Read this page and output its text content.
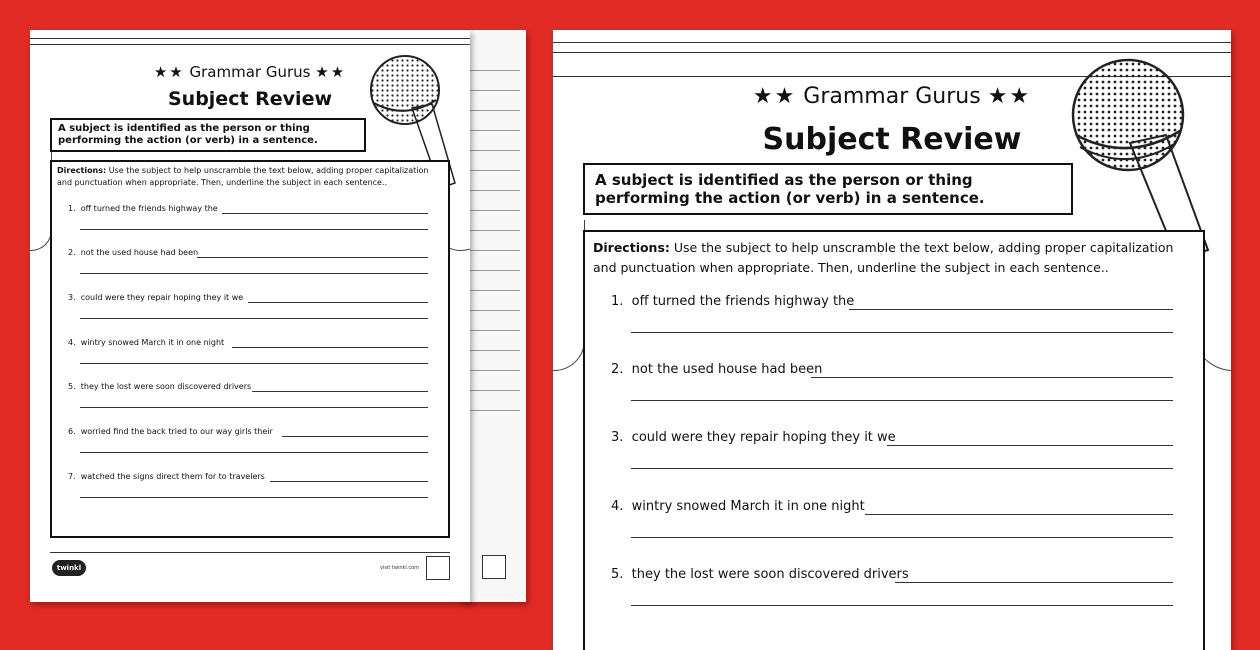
★★ Grammar Gurus ★★
Subject Review
A subject is identified as the person or thing performing the action (or verb) in a sentence.
Directions: Use the subject to help unscramble the text below, adding proper capitalization and punctuation when appropriate. Then, underline the subject in each sentence..
1. off turned the friends highway the
2. not the used house had been
3. could were they repair hoping they it we
4. wintry snowed March it in one night
5. they the lost were soon discovered drivers
6. worried find the back tried to our way girls their
7. watched the signs direct them for to travelers
twinkl	visit twinkl.com
★★ Grammar Gurus ★★
Subject Review
A subject is identified as the person or thing performing the action (or verb) in a sentence.
Directions: Use the subject to help unscramble the text below, adding proper capitalization and punctuation when appropriate. Then, underline the subject in each sentence..
1. off turned the friends highway the
2. not the used house had been
3. could were they repair hoping they it we
4. wintry snowed March it in one night
5. they the lost were soon discovered drivers
